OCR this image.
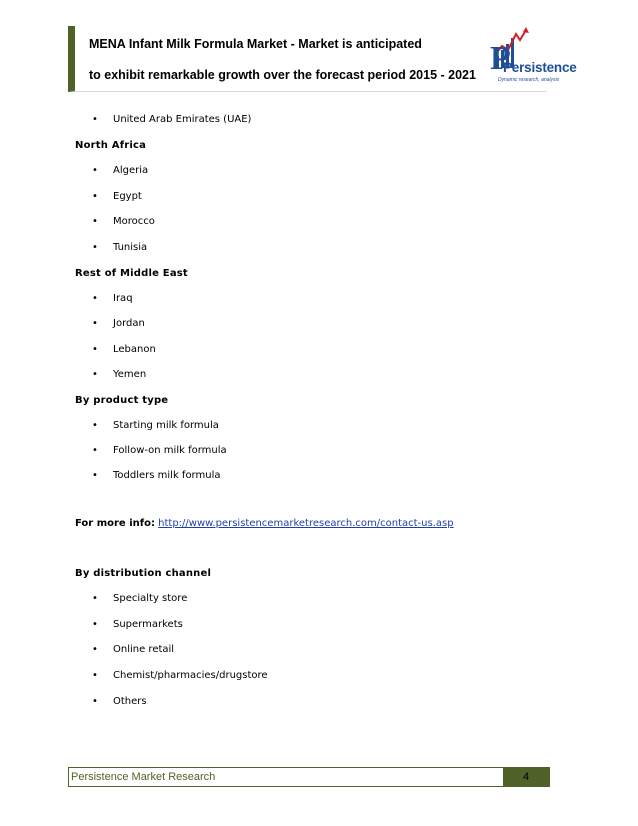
MENA Infant Milk Formula Market - Market is anticipated
to exhibit remarkable growth over the forecast period 2015 - 2021 P
Persistence
Dynamic research, analysis
• United Arab Emirates (UAE)
North Africa
• Algeria
• Egypt
• Morocco
• Tunisia
Rest of Middle East
• Iraq
• Jordan
• Lebanon
• Yemen
By product type
• Starting milk formula
• Follow-on milk formula
• Toddlers milk formula
For more info: http://www.persistencemarketresearch.com/contact-us.asp
By distribution channel
• Specialty store
• Supermarkets
• Online retail
• Chemist/pharmacies/drugstore
• Others
Persistence Market Research	4
